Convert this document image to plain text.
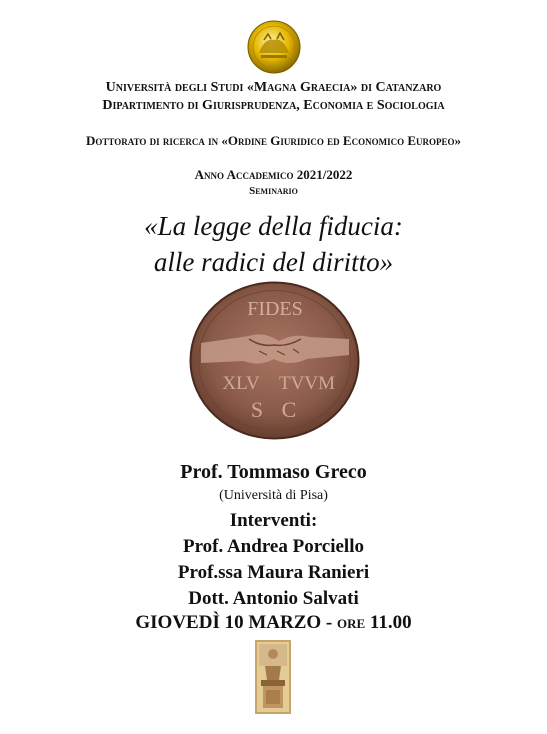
Università degli Studi «Magna Graecia» di Catanzaro
Dipartimento di Giurisprudenza, Economia e Sociologia
Dottorato di ricerca in «Ordine Giuridico ed Economico Europeo»
Anno Accademico 2021/2022
Seminario
«La legge della fiducia:
alle radici del diritto»
FIDES
XLV TVVM
S C
Prof. Tommaso Greco
(Università di Pisa)
Interventi:
Prof. Andrea Porciello
Prof.ssa Maura Ranieri
Dott. Antonio Salvati
GIOVEDÌ 10 MARZO - ore 11.00
